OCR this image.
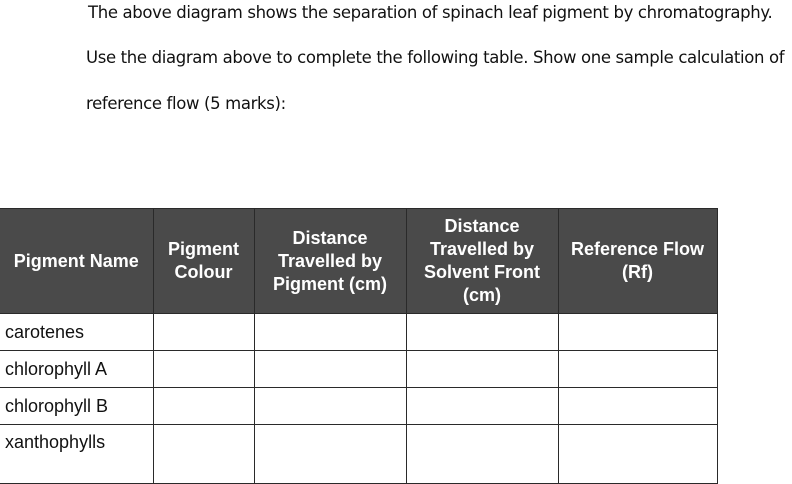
The above diagram shows the separation of spinach leaf pigment by chromatography.
Use the diagram above to complete the following table. Show one sample calculation of
reference flow (5 marks):
Pigment Name	Pigment Colour	Distance Travelled by Pigment (cm)	Distance Travelled by Solvent Front (cm)	Reference Flow (Rf)
carotenes				
chlorophyll A				
chlorophyll B				
xanthophylls				
